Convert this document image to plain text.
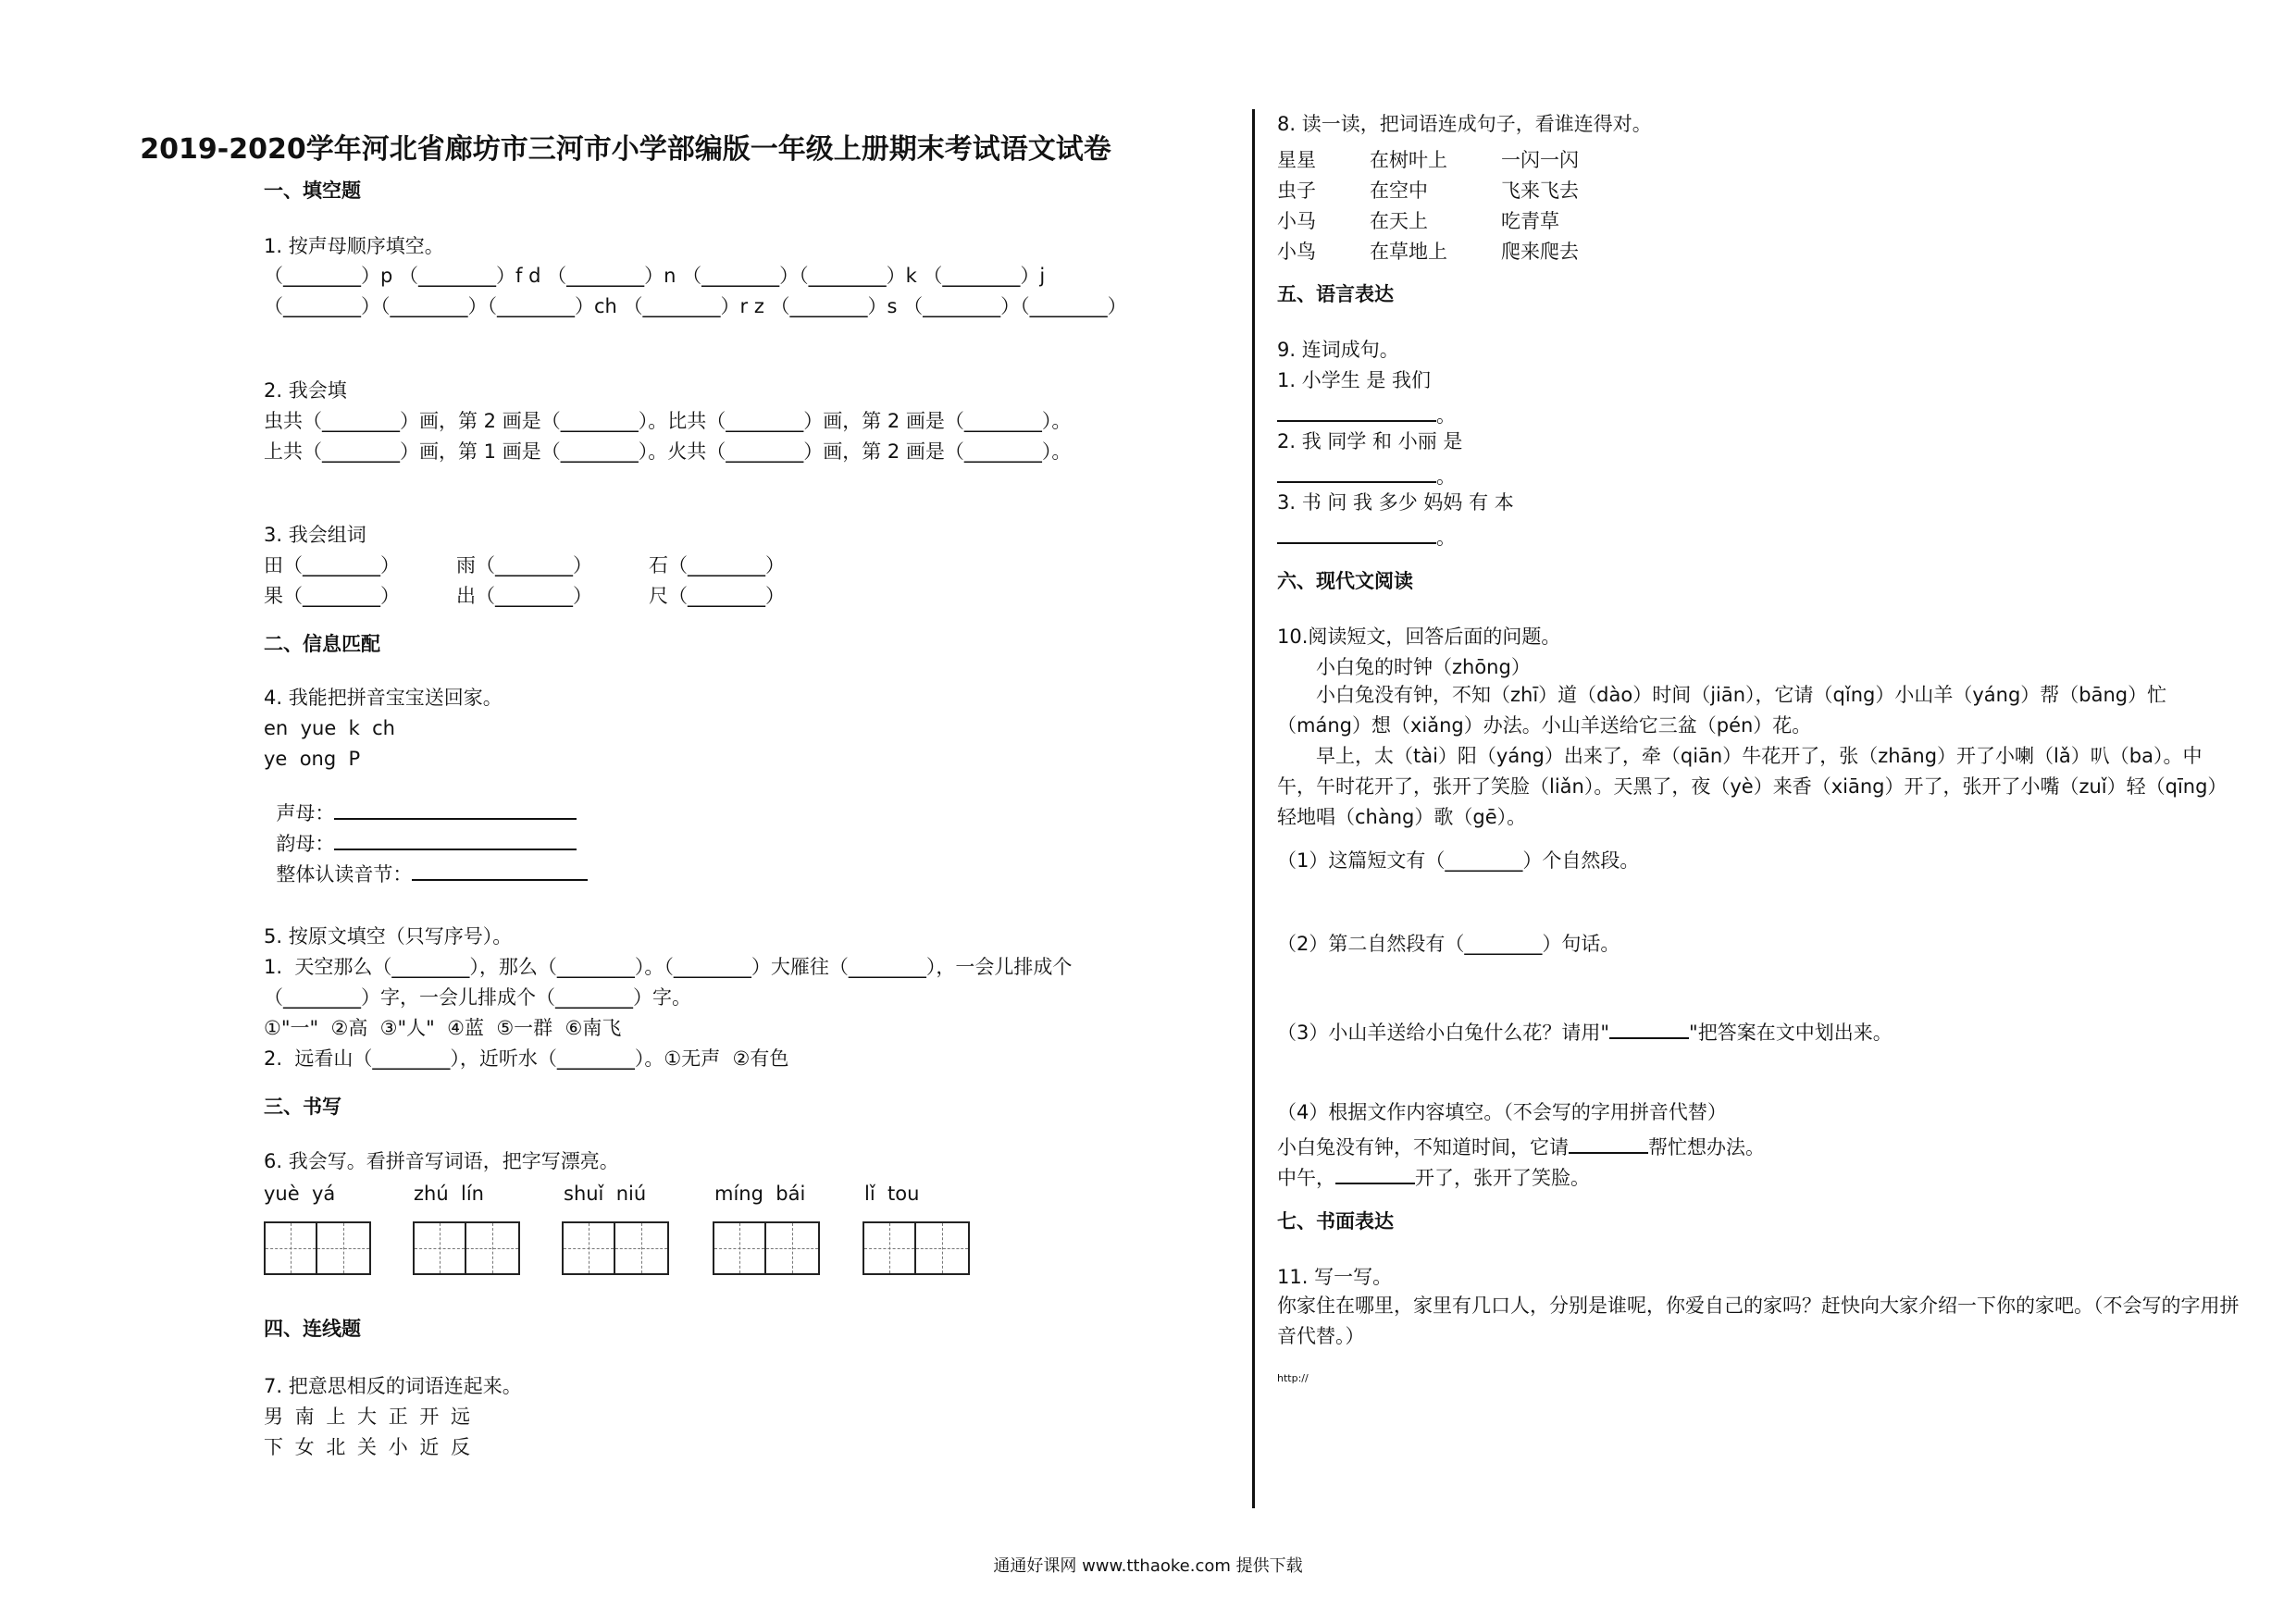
2019-2020学年河北省廊坊市三河市小学部编版一年级上册期末考试语文试卷
一、填空题
1. 按声母顺序填空。
（________）p （________）f d （________）n （________）（________）k （________）j
（________）（________）（________）ch （________）r z （________）s （________）（________）
2. 我会填
虫共（________）画，第 2 画是（________）。比共（________）画，第 2 画是（________）。
上共（________）画，第 1 画是（________）。火共（________）画，第 2 画是（________）。
3. 我会组词
田（________）	雨（________）	石（________）
果（________）	出（________）	尺（________）
二、信息匹配
4. 我能把拼音宝宝送回家。
en  yue  k  ch
ye  ong  P

声母：

韵母：

整体认读音节：

5. 按原文填空（只写序号）。
1.  天空那么（________），那么（________）。（________）大雁往（________），一会儿排成个
（________）字，一会儿排成个（________）字。
①"一"  ②高  ③"人"  ④蓝  ⑤一群  ⑥南飞
2.  远看山（________），近听水（________）。①无声  ②有色
三、书写
6. 我会写。看拼音写词语，把字写漂亮。
yuè  yá	zhú  lín	shuǐ  niú	míng  bái	lǐ  tou
四、连线题
7. 把意思相反的词语连起来。
男 南 上 大 正 开 远
下 女 北 关 小 近 反
8. 读一读，把词语连成句子，看谁连得对。
星星	在树叶上	一闪一闪
虫子	在空中	飞来飞去
小马	在天上	吃青草
小鸟	在草地上	爬来爬去
五、语言表达
9. 连词成句。
1. 小学生 是 我们
。
2. 我 同学 和 小丽 是
。
3. 书 问 我 多少 妈妈 有 本
。
六、现代文阅读
10.阅读短文，回答后面的问题。
小白兔的时钟（zhōng）
小白兔没有钟，不知（zhī）道（dào）时间（jiān），它请（qǐng）小山羊（yáng）帮（bāng）忙（máng）想（xiǎng）办法。小山羊送给它三盆（pén）花。
早上，太（tài）阳（yáng）出来了，牵（qiān）牛花开了，张（zhāng）开了小喇（lǎ）叭（ba）。中午，午时花开了，张开了笑脸（liǎn）。天黑了，夜（yè）来香（xiāng）开了，张开了小嘴（zuǐ）轻（qīng）轻地唱（chàng）歌（gē）。
（1）这篇短文有（________）个自然段。
（2）第二自然段有（________）句话。
（3）小山羊送给小白兔什么花？请用"	"把答案在文中划出来。
（4）根据文作内容填空。（不会写的字用拼音代替）
小白兔没有钟，不知道时间，它请	帮忙想办法。
中午，	开了，张开了笑脸。
七、书面表达
11. 写一写。
你家住在哪里，家里有几口人，分别是谁呢，你爱自己的家吗？赶快向大家介绍一下你的家吧。（不会写的字用拼音代替。）
http://
通通好课网 www.tthaoke.com 提供下载
